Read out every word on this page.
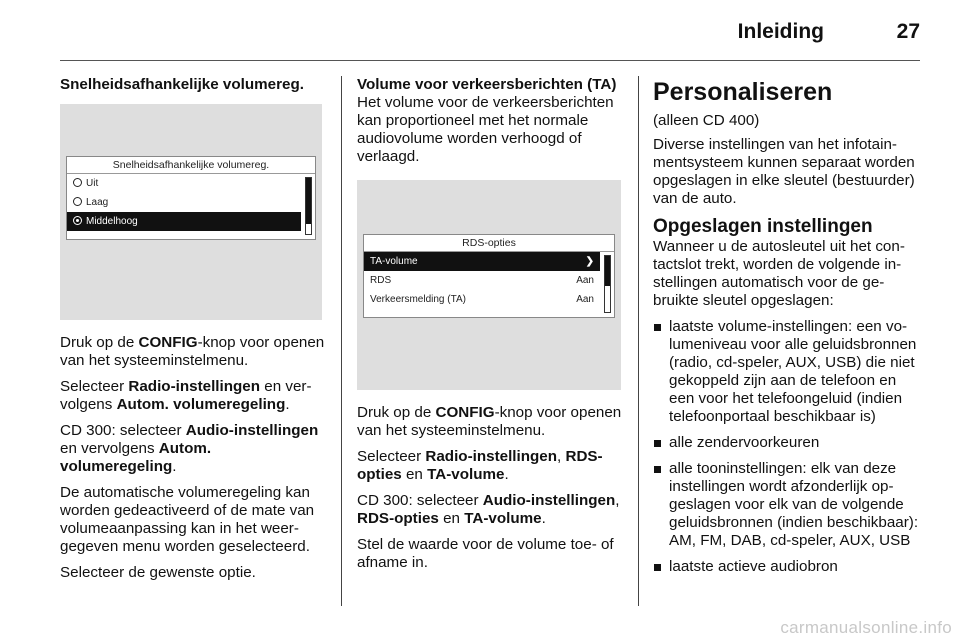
Inleiding	27

Snelheidsafhankelijke volumereg.

Snelheidsafhankelijke volumereg.
Uit
Laag
Middelhoog

Druk op de CONFIG-knop voor openen van het systeeminstelmenu.

Selecteer Radio-instellingen en vervolgens Autom. volumeregeling.

CD 300: selecteer Audio-instellingen en vervolgens Autom. volumeregeling.

De automatische volumeregeling kan worden gedeactiveerd of de mate van volumeaanpassing kan in het weergegeven menu worden geselecteerd.

Selecteer de gewenste optie.

Volume voor verkeersberichten (TA)
Het volume voor de verkeersberichten kan proportioneel met het normale audiovolume worden verhoogd of verlaagd.

RDS-opties
TA-volume	❯
RDS	Aan
Verkeersmelding (TA)	Aan

Druk op de CONFIG-knop voor openen van het systeeminstelmenu.

Selecteer Radio-instellingen, RDS-opties en TA-volume.

CD 300: selecteer Audio-instellingen, RDS-opties en TA-volume.

Stel de waarde voor de volume toe- of afname in.

Personaliseren

(alleen CD 400)

Diverse instellingen van het infotainmentsysteem kunnen separaat worden opgeslagen in elke sleutel (bestuurder) van de auto.

Opgeslagen instellingen

Wanneer u de autosleutel uit het contactslot trekt, worden de volgende instellingen automatisch voor de gebruikte sleutel opgeslagen:

laatste volume-instellingen: een volumeniveau voor alle geluidsbronnen (radio, cd-speler, AUX, USB) die niet gekoppeld zijn aan de telefoon en een voor het telefoongeluid (indien telefoonportaal beschikbaar is)
alle zendervoorkeuren
alle tooninstellingen: elk van deze instellingen wordt afzonderlijk opgeslagen voor elk van de volgende geluidsbronnen (indien beschikbaar): AM, FM, DAB, cd-speler, AUX, USB
laatste actieve audiobron
carmanualsonline.info
